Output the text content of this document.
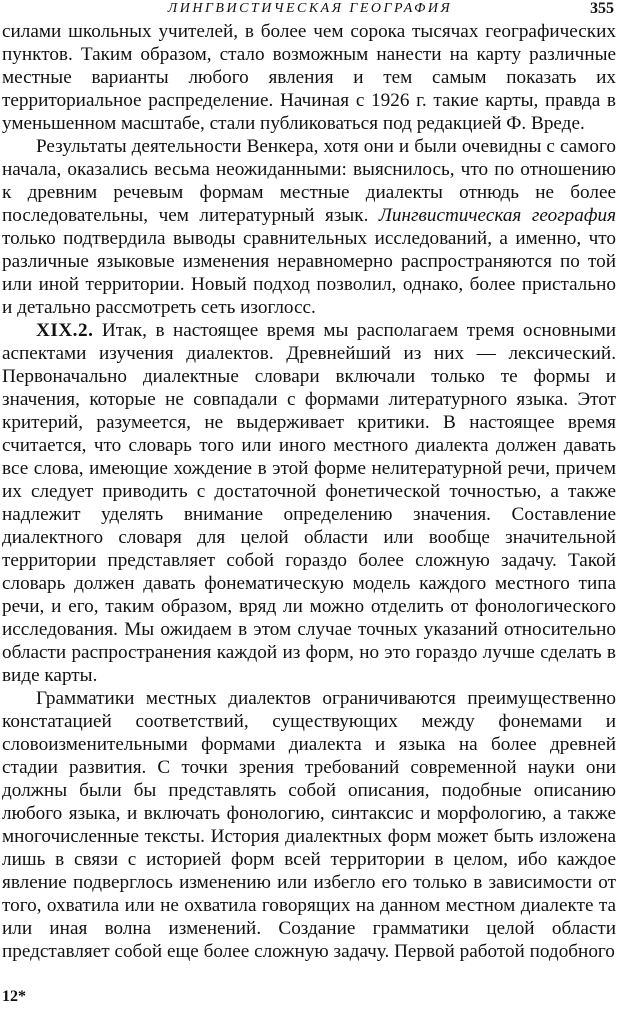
ЛИНГВИСТИЧЕСКАЯ ГЕОГРАФИЯ	355

силами школьных учителей, в более чем сорока тысячах географических пунктов. Таким образом, стало возможным нанести на карту различные местные варианты любого явления и тем самым показать их территориальное распределение. Начиная с 1926 г. такие карты, правда в уменьшенном масштабе, стали публиковаться под редакцией Ф. Вреде.

Результаты деятельности Венкера, хотя они и были очевидны с самого начала, оказались весьма неожиданными: выяснилось, что по отношению к древним речевым формам местные диалекты отнюдь не более последовательны, чем литературный язык. Лингвистическая география только подтвердила выводы сравнительных исследований, а именно, что различные языковые изменения неравномерно распространяются по той или иной территории. Новый подход позволил, однако, более пристально и детально рассмотреть сеть изоглосс.

XIX.2. Итак, в настоящее время мы располагаем тремя основными аспектами изучения диалектов. Древнейший из них — лексический. Первоначально диалектные словари включали только те формы и значения, которые не совпадали с формами литературного языка. Этот критерий, разумеется, не выдерживает критики. В настоящее время считается, что словарь того или иного местного диалекта должен давать все слова, имеющие хождение в этой форме нелитературной речи, причем их следует приводить с достаточной фонетической точностью, а также надлежит уделять внимание определению значения. Составление диалектного словаря для целой области или вообще значительной территории представляет собой гораздо более сложную задачу. Такой словарь должен давать фонематическую модель каждого местного типа речи, и его, таким образом, вряд ли можно отделить от фонологического исследования. Мы ожидаем в этом случае точных указаний относительно области распространения каждой из форм, но это гораздо лучше сделать в виде карты.

Грамматики местных диалектов ограничиваются преимущественно констатацией соответствий, существующих между фонемами и словоизменительными формами диалекта и языка на более древней стадии развития. С точки зрения требований современной науки они должны были бы представлять собой описания, подобные описанию любого языка, и включать фонологию, синтаксис и морфологию, а также многочисленные тексты. История диалектных форм может быть изложена лишь в связи с историей форм всей территории в целом, ибо каждое явление подверглось изменению или избегло его только в зависимости от того, охватила или не охватила говорящих на данном местном диалекте та или иная волна изменений. Создание грамматики целой области представляет собой еще более сложную задачу. Первой работой подобного

12*
